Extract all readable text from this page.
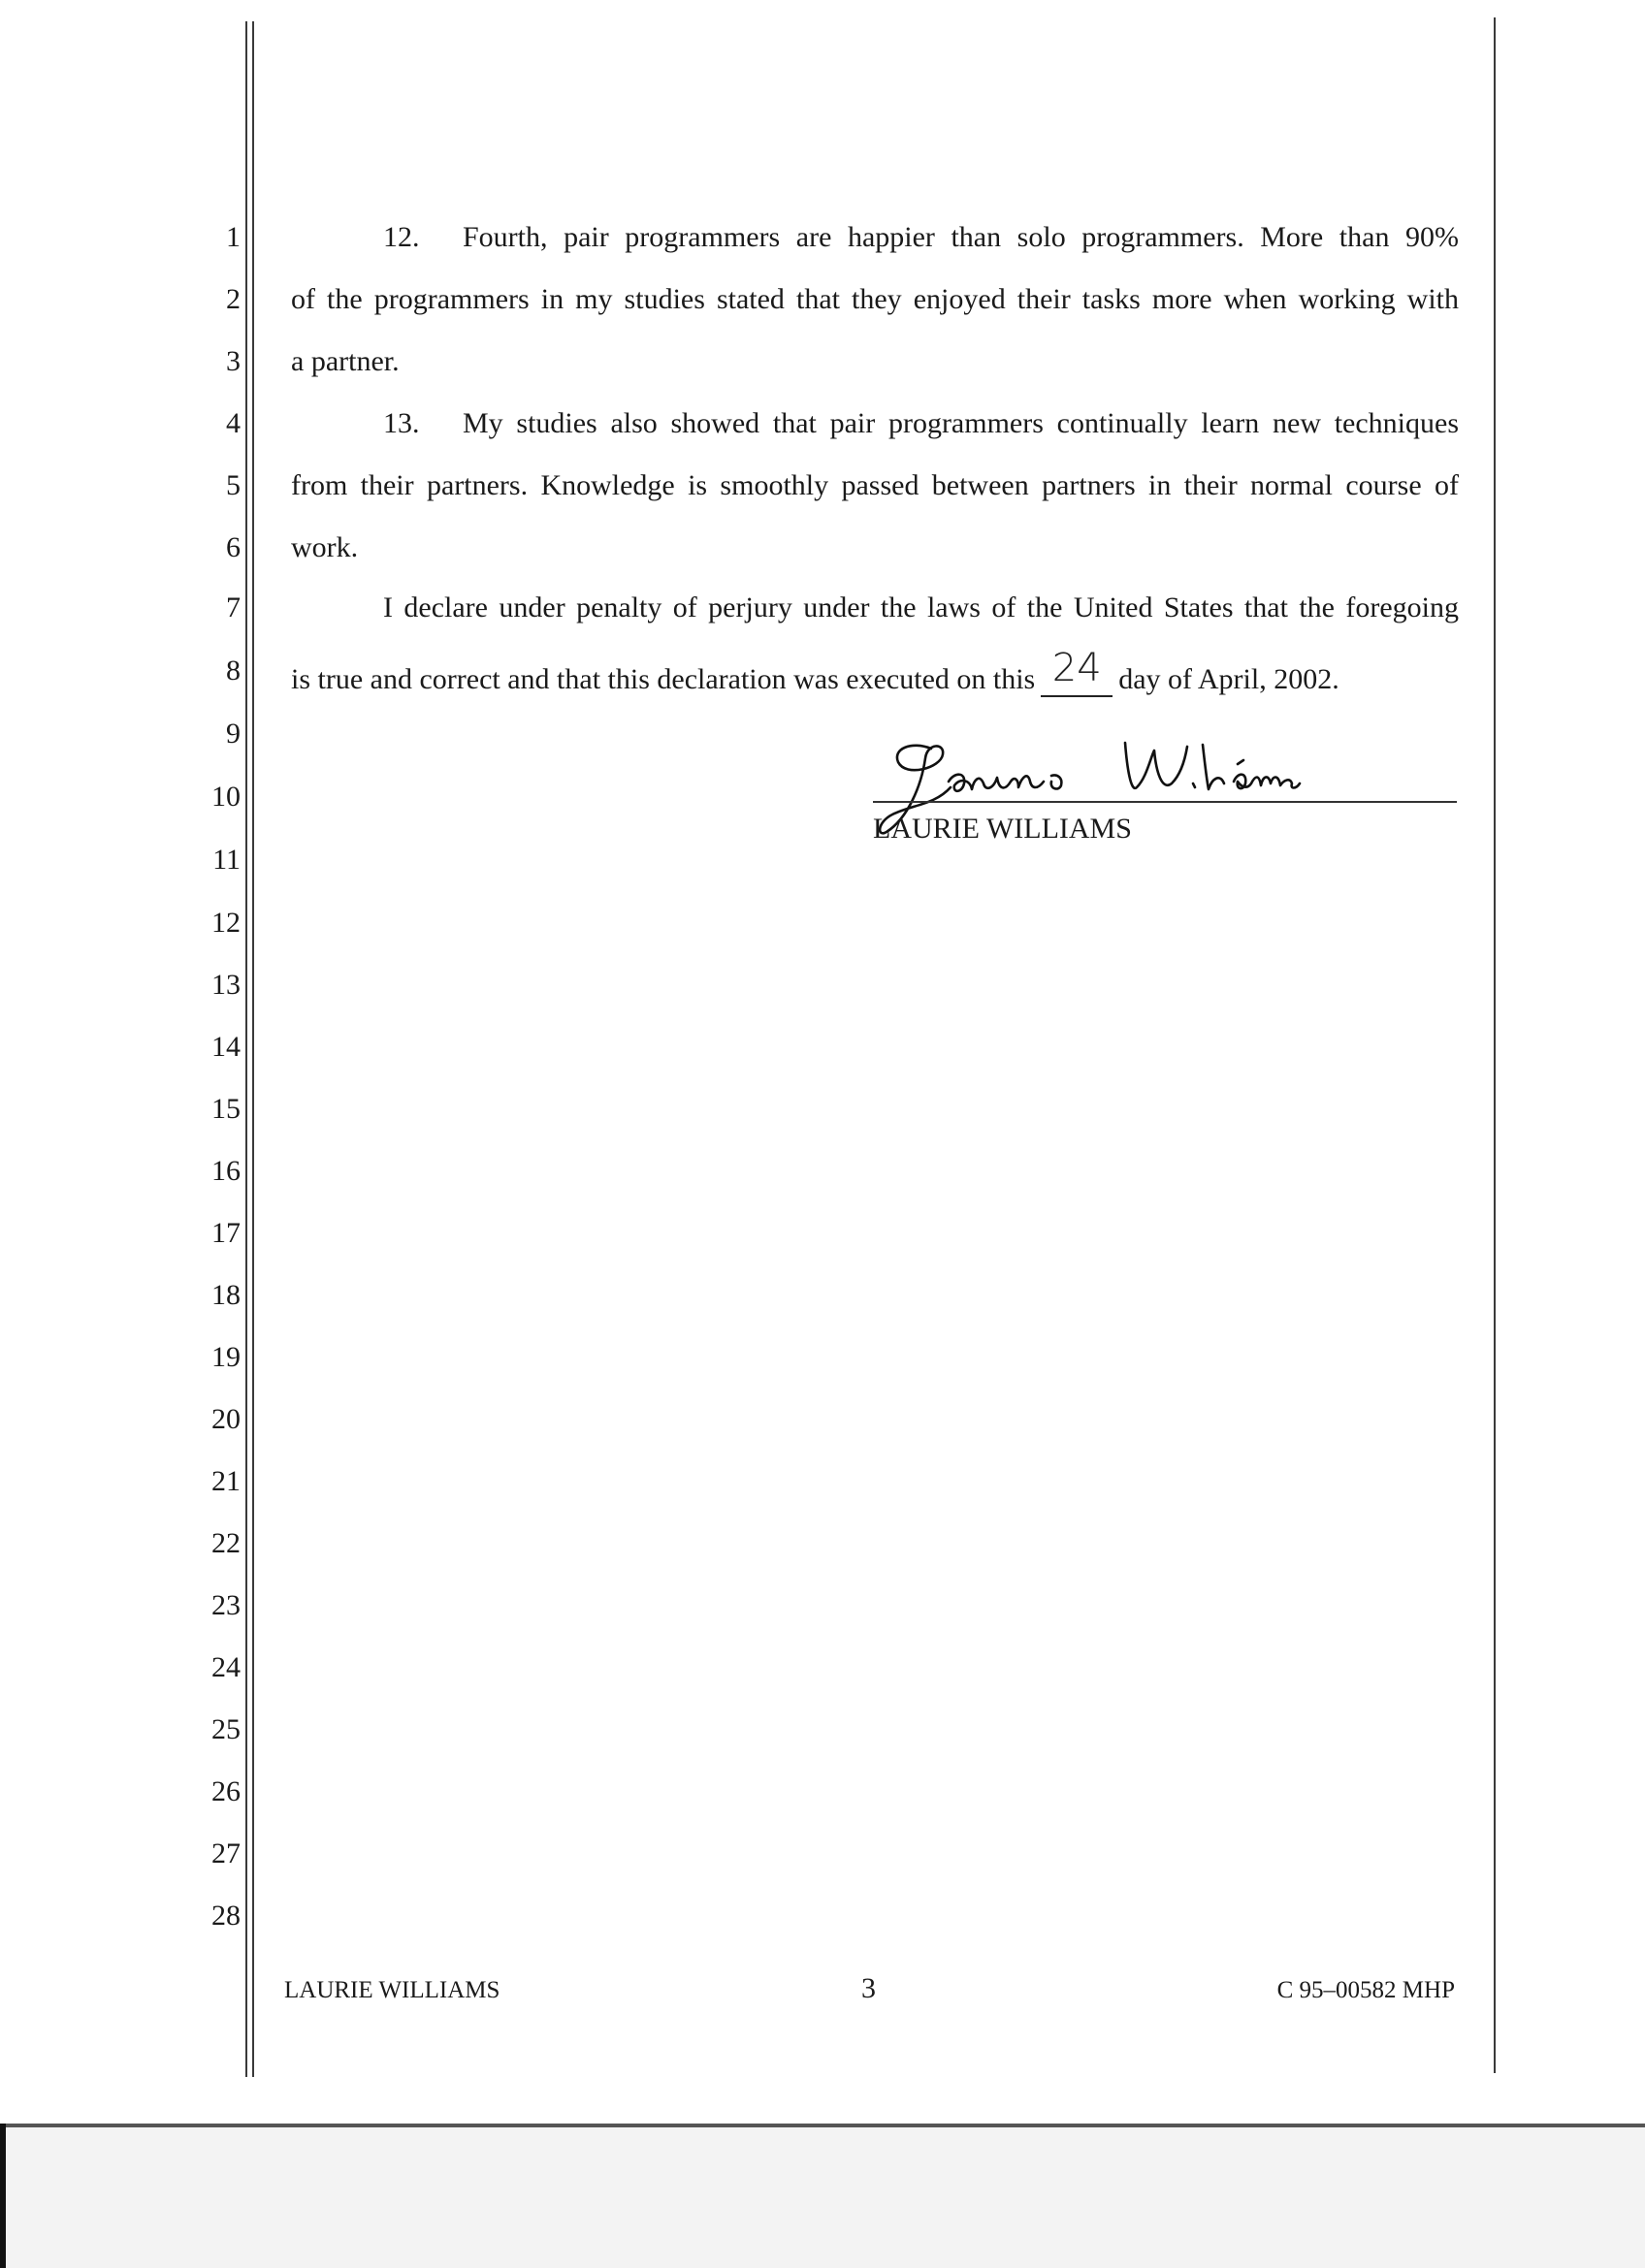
1
2
3
4
5
6
7
8
9
10
11
12
13
14
15
16
17
18
19
20
21
22
23
24
25
26
27
28
12. Fourth, pair programmers are happier than solo programmers. More than 90%
of the programmers in my studies stated that they enjoyed their tasks more when working with
a partner.
13. My studies also showed that pair programmers continually learn new techniques
from their partners. Knowledge is smoothly passed between partners in their normal course of
work.
I declare under penalty of perjury under the laws of the United States that the foregoing
is true and correct and that this declaration was executed on this 24 day of April, 2002.
LAURIE WILLIAMS
LAURIE WILLIAMS	3	C 95–00582 MHP
